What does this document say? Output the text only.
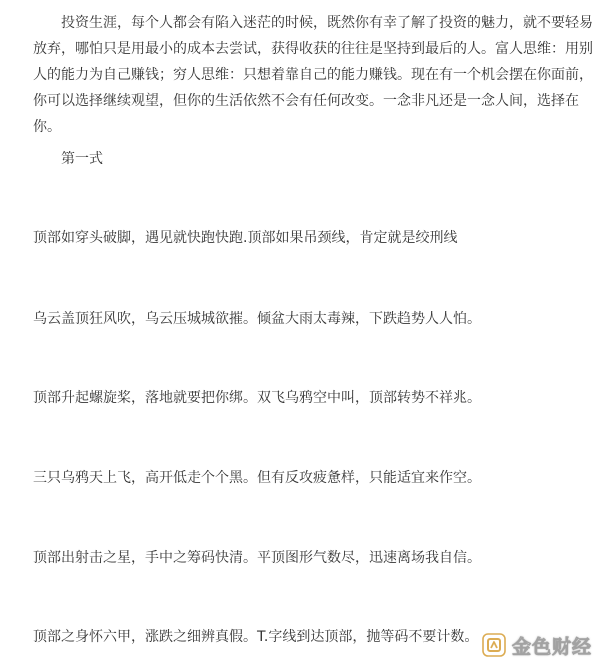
投资生涯，每个人都会有陷入迷茫的时候，既然你有幸了解了投资的魅力，就不要轻易放弃，哪怕只是用最小的成本去尝试，获得收获的往往是坚持到最后的人。富人思维：用别人的能力为自己赚钱；穷人思维：只想着靠自己的能力赚钱。现在有一个机会摆在你面前，你可以选择继续观望，但你的生活依然不会有任何改变。一念非凡还是一念人间，选择在你。

第一式

顶部如穿头破脚，遇见就快跑快跑.顶部如果吊颈线，肯定就是绞刑线

乌云盖顶狂风吹，乌云压城城欲摧。倾盆大雨太毒辣，下跌趋势人人怕。

顶部升起螺旋桨，落地就要把你绑。双飞乌鸦空中叫，顶部转势不祥兆。

三只乌鸦天上飞，高开低走个个黑。但有反攻疲惫样，只能适宜来作空。

顶部出射击之星，手中之筹码快清。平顶图形气数尽，迅速离场我自信。

顶部之身怀六甲，涨跌之细辨真假。T.字线到达顶部，抛等码不要计数。 金色财经
